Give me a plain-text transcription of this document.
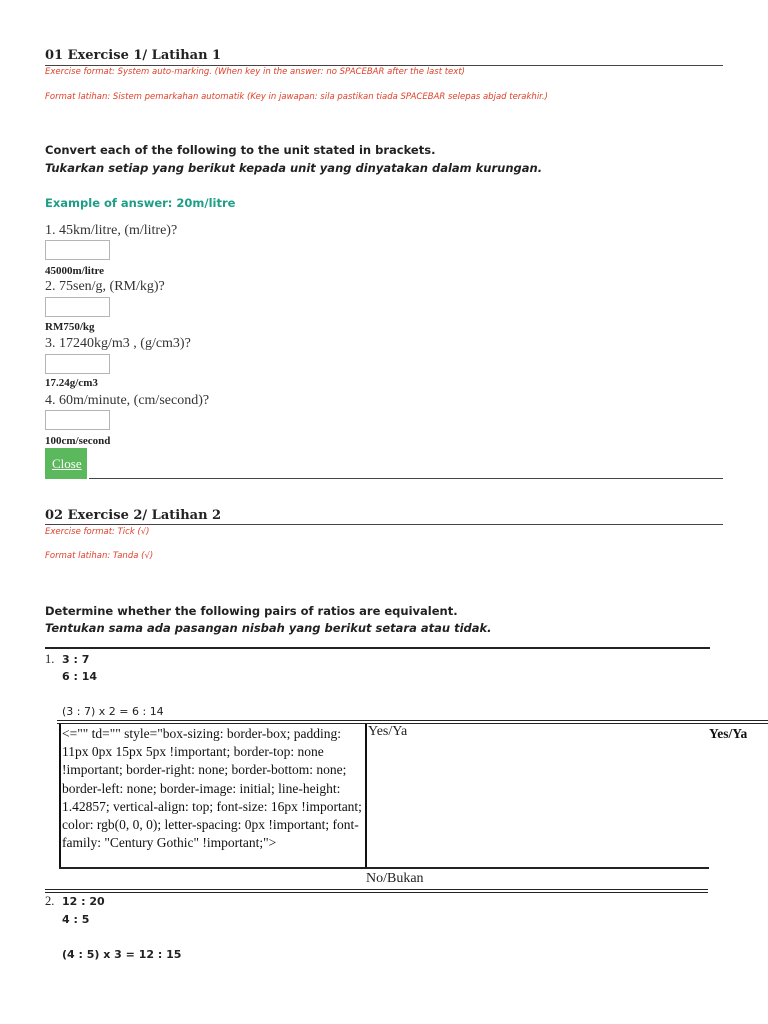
01 Exercise 1/ Latihan 1
Exercise format: System auto-marking. (When key in the answer: no SPACEBAR after the last text)
Format latihan: Sistem pemarkahan automatik (Key in jawapan: sila pastikan tiada SPACEBAR selepas abjad terakhir.)
Convert each of the following to the unit stated in brackets.
Tukarkan setiap yang berikut kepada unit yang dinyatakan dalam kurungan.
Example of answer: 20m/litre
1. 45km/litre, (m/litre)?
45000m/litre
2. 75sen/g, (RM/kg)?
RM750/kg
3. 17240kg/m3 , (g/cm3)?
17.24g/cm3
4. 60m/minute, (cm/second)?
100cm/second
Close
02 Exercise 2/ Latihan 2
Exercise format: Tick (√)
Format latihan: Tanda (√)
Determine whether the following pairs of ratios are equivalent.
Tentukan sama ada pasangan nisbah yang berikut setara atau tidak.
1. 3 : 7
6 : 14
(3 : 7) x 2 = 6 : 14
<="" td="" style="box-sizing: border-box; padding: 11px 0px 15px 5px !important; border-top: none !important; border-right: none; border-bottom: none; border-left: none; border-image: initial; line-height: 1.42857; vertical-align: top; font-size: 16px !important; color: rgb(0, 0, 0); letter-spacing: 0px !important; font-family: "Century Gothic" !important;">
Yes/Ya	Yes/Ya
No/Bukan
2. 12 : 20
4 : 5
(4 : 5) x 3 = 12 : 15
